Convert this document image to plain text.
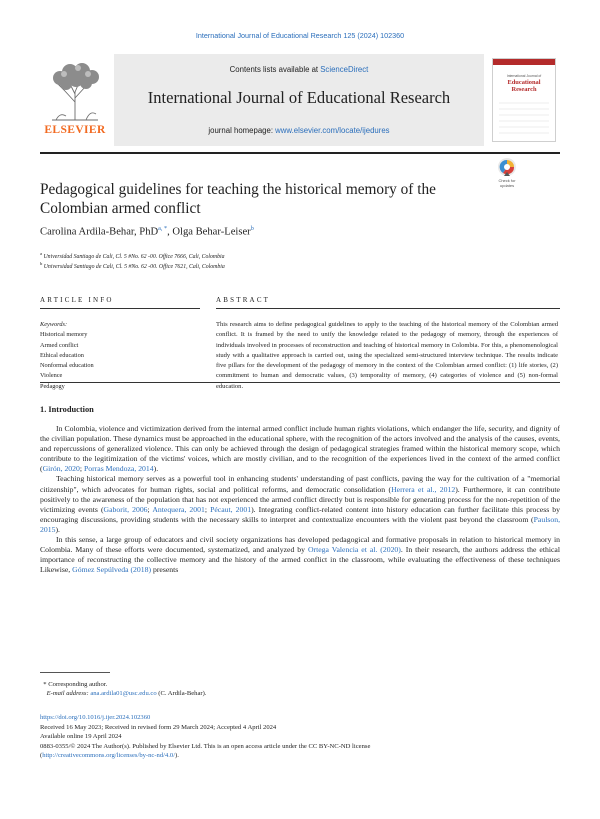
International Journal of Educational Research 125 (2024) 102360
ELSEVIER
Contents lists available at ScienceDirect
International Journal of Educational Research
journal homepage: www.elsevier.com/locate/ijedures
International Journal of
Educational
Research
Pedagogical guidelines for teaching the historical memory of the Colombian armed conflict
Check for
updates
Carolina Ardila-Behar, PhD$^{a, *}$, Olga Behar-Leiser$^b$
$^a$ Universidad Santiago de Cali, Cl. 5 #No. 62 -00. Office 7666, Cali, Colombia
$^b$ Universidad Santiago de Cali, Cl. 5 #No. 62 -00. Office 7621, Cali, Colombia
ARTICLE INFO	ABSTRACT
Keywords:
Historical memory
Armed conflict
Ethical education
Nonformal education
Violence
Pedagogy
This research aims to define pedagogical guidelines to apply to the teaching of the historical memory of the Colombian armed conflict. It is framed by the need to unify the knowledge related to the pedagogy of memory, through the experiences of individuals involved in processes of reconstruction and teaching of historical memory in Colombia. For this, a phenomenological study with a qualitative approach is carried out, using the specialized semi-structured interview technique. The results indicate five pillars for the development of the pedagogy of memory in the context of the Colombian armed conflict: (1) life stories, (2) commitment to human and democratic values, (3) temporality of memory, (4) categories of violence and (5) non-formal education.
1. Introduction

In Colombia, violence and victimization derived from the internal armed conflict include human rights violations, which endanger the life, security, and dignity of the civilian population. These dynamics must be approached in the educational sphere, with the recognition of the actors involved and the analysis of the causes, events, and repercussions of generalized violence. This can only be achieved through the design of pedagogical strategies framed within the historical memory scope, which contribute to the legitimization of the victims' voices, which are mostly civilian, and to the recognition of the experiences lived in the context of the armed conflict (Girón, 2020; Porras Mendoza, 2014).

Teaching historical memory serves as a powerful tool in enhancing students' understanding of past conflicts, paving the way for the cultivation of a "memorial citizenship", which advocates for human rights, social and political reforms, and democratic consolidation (Herrera et al., 2012). Furthermore, it can contribute positively to the awareness of the population that has not experienced the armed conflict directly but is responsible for generating process for the non-repetition of the victimizing events (Gaborit, 2006; Antequera, 2001; Pécaut, 2001). Integrating conflict-related content into history education can further facilitate this process by encouraging discussions, providing students with the necessary skills to interpret and contextualize encounters with the violent past beyond the classroom (Paulson, 2015).

In this sense, a large group of educators and civil society organizations has developed pedagogical and formative proposals in relation to historical memory in Colombia. Many of these efforts were documented, systematized, and analyzed by Ortega Valencia et al. (2020). In their research, the authors address the ethical importance of reconstructing the collective memory and the history of the armed conflict in the classroom, while evaluating the effectiveness of these techniques Likewise, Gómez Sepúlveda (2018) presents

* Corresponding author.
E-mail address: ana.ardila01@usc.edu.co (C. Ardila-Behar).
https://doi.org/10.1016/j.ijer.2024.102360
Received 16 May 2023; Received in revised form 29 March 2024; Accepted 4 April 2024
Available online 19 April 2024
0883-0355/© 2024 The Author(s). Published by Elsevier Ltd. This is an open access article under the CC BY-NC-ND license
(http://creativecommons.org/licenses/by-nc-nd/4.0/).
